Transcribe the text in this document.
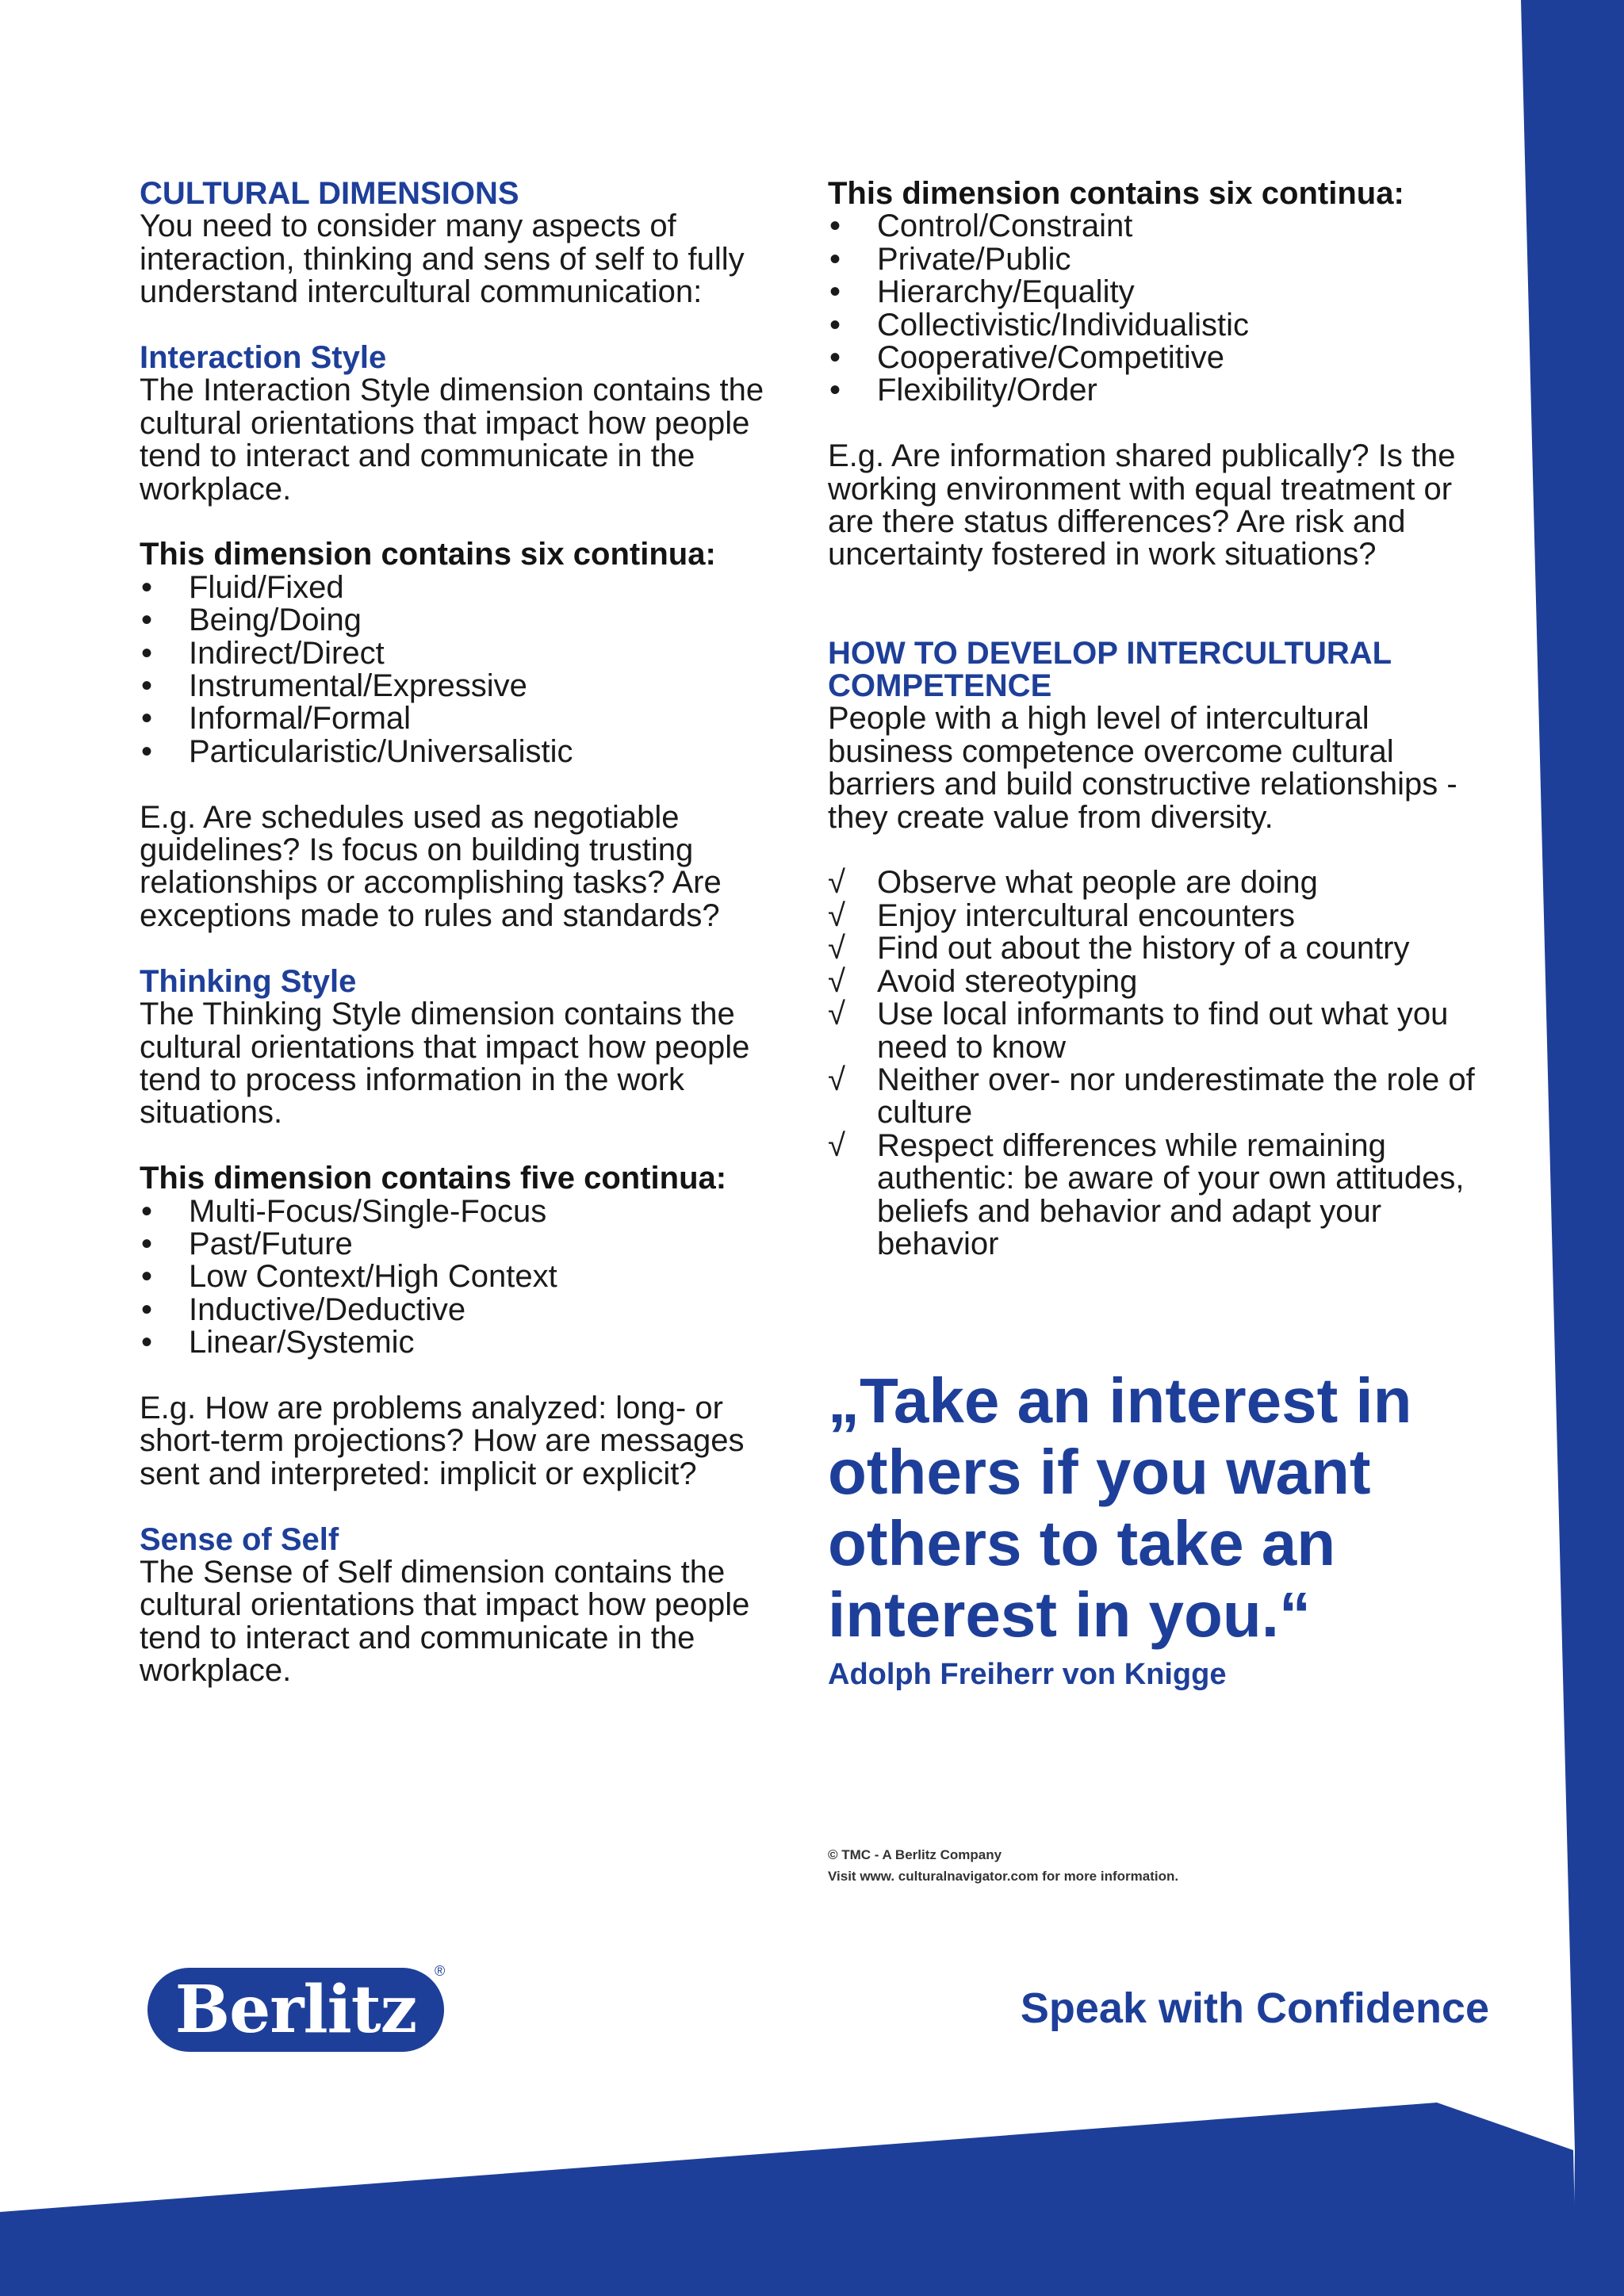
CULTURAL DIMENSIONS
You need to consider many aspects of interaction, thinking and sens of self to fully understand intercultural communication:
Interaction Style
The Interaction Style dimension contains the cultural orientations that impact how people tend to interact and communicate in the workplace.
This dimension contains six continua:
•	Fluid/Fixed
•	Being/Doing
•	Indirect/Direct
•	Instrumental/Expressive
•	Informal/Formal
•	Particularistic/Universalistic
E.g. Are schedules used as negotiable guidelines? Is focus on building trusting relationships or accomplishing tasks? Are exceptions made to rules and standards?
Thinking Style
The Thinking Style dimension contains the cultural orientations that impact how people tend to process information in the work situations.
This dimension contains five continua:
•	Multi-Focus/Single-Focus
•	Past/Future
•	Low Context/High Context
•	Inductive/Deductive
•	Linear/Systemic
E.g. How are problems analyzed: long- or short-term projections? How are messages sent and interpreted: implicit or explicit?
Sense of Self
The Sense of Self dimension contains the cultural orientations that impact how people tend to interact and communicate in the workplace.
This dimension contains six continua:
•	Control/Constraint
•	Private/Public
•	Hierarchy/Equality
•	Collectivistic/Individualistic
•	Cooperative/Competitive
•	Flexibility/Order
E.g. Are information shared publically? Is the working environment with equal treatment or are there status differences? Are risk and uncertainty fostered in work situations?
HOW TO DEVELOP INTERCULTURAL
COMPETENCE
People with a high level of intercultural business competence overcome cultural barriers and build constructive relationships - they create value from diversity.
√	Observe what people are doing
√	Enjoy intercultural encounters
√	Find out about the history of a country
√	Avoid stereotyping
√	Use local informants to find out what you need to know
√	Neither over- nor underestimate the role of culture
√	Respect differences while remaining authentic: be aware of your own attitudes, beliefs and behavior and adapt your behavior
„Take an interest in
others if you want
others to take an
interest in you.“
Adolph Freiherr von Knigge
© TMC - A Berlitz Company
Visit www. culturalnavigator.com for more information.
Berlitz
®
Speak with Confidence
